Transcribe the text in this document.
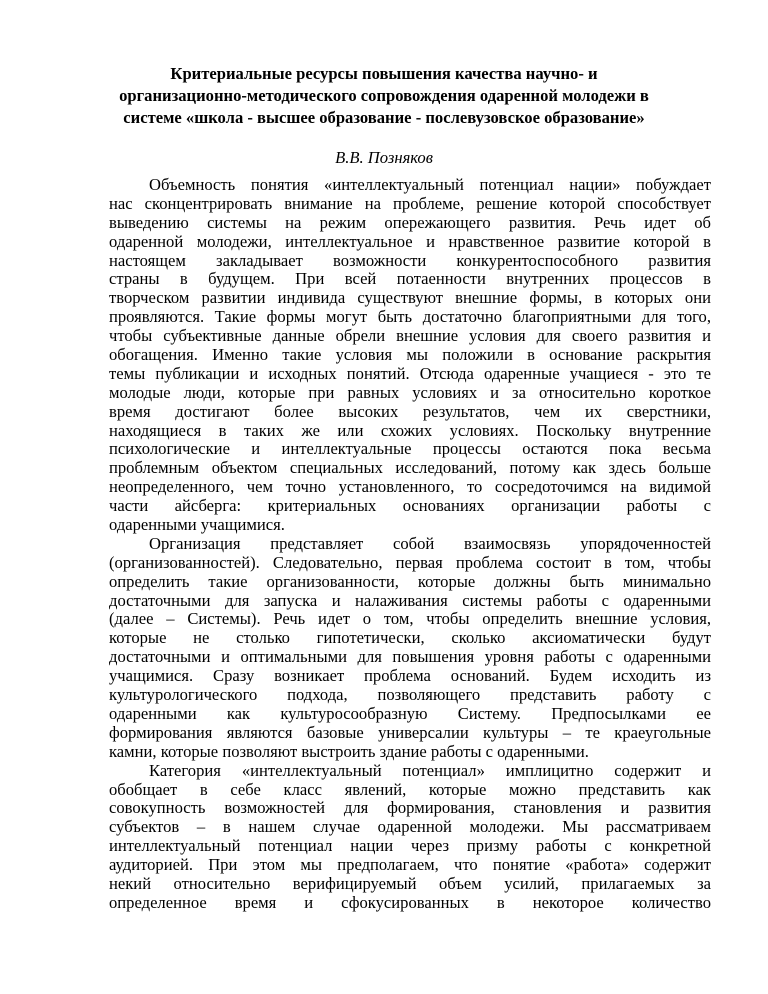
Критериальные ресурсы повышения качества научно- и
организационно-методического сопровождения одаренной молодежи в
системе «школа - высшее образование - послевузовское образование»

В.В. Позняков

Объемность понятия «интеллектуальный потенциал нации» побуждает
нас сконцентрировать внимание на проблеме, решение которой способствует
выведению системы на режим опережающего развития. Речь идет об
одаренной молодежи, интеллектуальное и нравственное развитие которой в
настоящем закладывает возможности конкурентоспособного развития
страны в будущем. При всей потаенности внутренних процессов в
творческом развитии индивида существуют внешние формы, в которых они
проявляются. Такие формы могут быть достаточно благоприятными для того,
чтобы субъективные данные обрели внешние условия для своего развития и
обогащения. Именно такие условия мы положили в основание раскрытия
темы публикации и исходных понятий. Отсюда одаренные учащиеся - это те
молодые люди, которые при равных условиях и за относительно короткое
время достигают более высоких результатов, чем их сверстники,
находящиеся в таких же или схожих условиях. Поскольку внутренние
психологические и интеллектуальные процессы остаются пока весьма
проблемным объектом специальных исследований, потому как здесь больше
неопределенного, чем точно установленного, то сосредоточимся на видимой
части айсберга: критериальных основаниях организации работы с
одаренными учащимися.
Организация представляет собой взаимосвязь упорядоченностей
(организованностей). Следовательно, первая проблема состоит в том, чтобы
определить такие организованности, которые должны быть минимально
достаточными для запуска и налаживания системы работы с одаренными
(далее – Системы). Речь идет о том, чтобы определить внешние условия,
которые не столько гипотетически, сколько аксиоматически будут
достаточными и оптимальными для повышения уровня работы с одаренными
учащимися. Сразу возникает проблема оснований. Будем исходить из
культурологического подхода, позволяющего представить работу с
одаренными как культуросообразную Систему. Предпосылками ее
формирования являются базовые универсалии культуры – те краеугольные
камни, которые позволяют выстроить здание работы с одаренными.
Категория «интеллектуальный потенциал» имплицитно содержит и
обобщает в себе класс явлений, которые можно представить как
совокупность возможностей для формирования, становления и развития
субъектов – в нашем случае одаренной молодежи. Мы рассматриваем
интеллектуальный потенциал нации через призму работы с конкретной
аудиторией. При этом мы предполагаем, что понятие «работа» содержит
некий относительно верифицируемый объем усилий, прилагаемых за
определенное время и сфокусированных в некоторое количество
